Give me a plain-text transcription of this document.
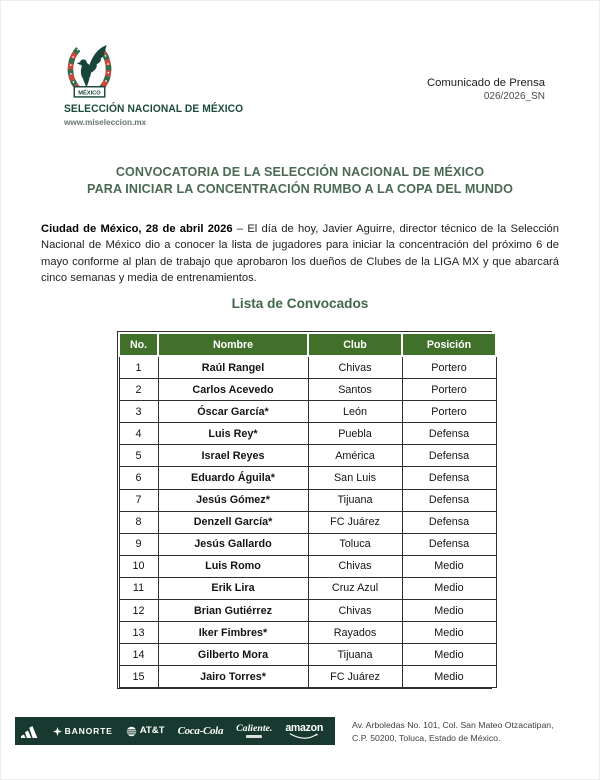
MÉXICO
SELECCIÓN NACIONAL DE MÉXICO
www.miseleccion.mx
Comunicado de Prensa
026/2026_SN
CONVOCATORIA DE LA SELECCIÓN NACIONAL DE MÉXICO
PARA INICIAR LA CONCENTRACIÓN RUMBO A LA COPA DEL MUNDO

Ciudad de México, 28 de abril 2026 – El día de hoy, Javier Aguirre, director técnico de la Selección Nacional de México dio a conocer la lista de jugadores para iniciar la concentración del próximo 6 de mayo conforme al plan de trabajo que aprobaron los dueños de Clubes de la LIGA MX y que abarcará cinco semanas y media de entrenamientos.

Lista de Convocados
No.	Nombre	Club	Posición
1	Raúl Rangel	Chivas	Portero
2	Carlos Acevedo	Santos	Portero
3	Óscar García*	León	Portero
4	Luis Rey*	Puebla	Defensa
5	Israel Reyes	América	Defensa
6	Eduardo Águila*	San Luis	Defensa
7	Jesús Gómez*	Tijuana	Defensa
8	Denzell García*	FC Juárez	Defensa
9	Jesús Gallardo	Toluca	Defensa
10	Luis Romo	Chivas	Medio
11	Erik Lira	Cruz Azul	Medio
12	Brian Gutiérrez	Chivas	Medio
13	Iker Fimbres*	Rayados	Medio
14	Gilberto Mora	Tijuana	Medio
15	Jairo Torres*	FC Juárez	Medio
BANORTE	AT&T Coca-Cola Caliente. amazon	Av. Arboledas No. 101, Col. San Mateo Otzacatipan,
C.P. 50200, Toluca, Estado de México.
